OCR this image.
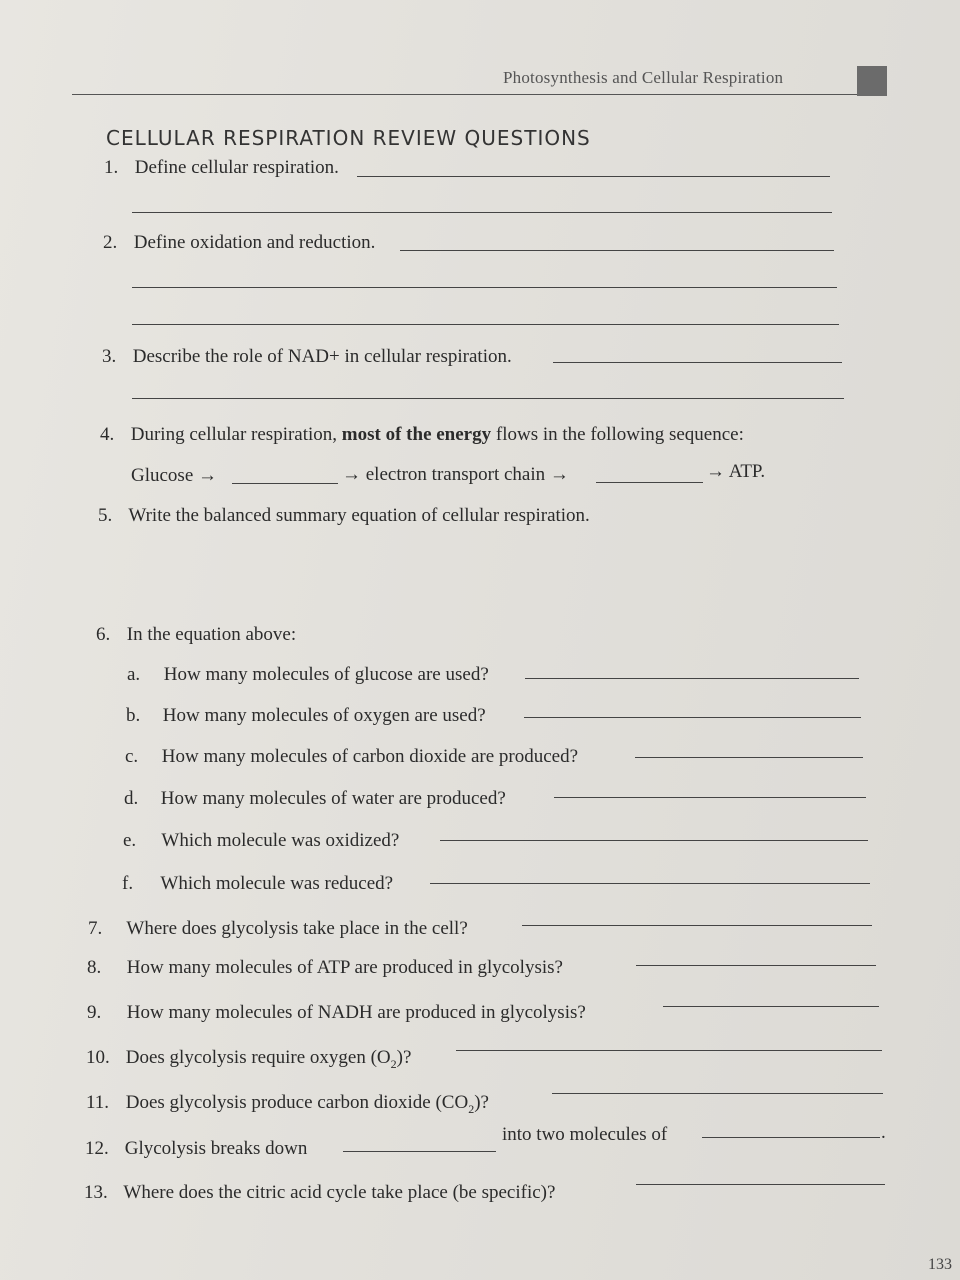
Photosynthesis and Cellular Respiration
CELLULAR RESPIRATION REVIEW QUESTIONS
1. Define cellular respiration.
2. Define oxidation and reduction.
3. Describe the role of NAD+ in cellular respiration.
4. During cellular respiration, most of the energy flows in the following sequence:
Glucose →	→ electron transport chain →	→ ATP.
5. Write the balanced summary equation of cellular respiration.
6. In the equation above:
a. How many molecules of glucose are used?
b. How many molecules of oxygen are used?
c. How many molecules of carbon dioxide are produced?
d. How many molecules of water are produced?
e. Which molecule was oxidized?
f. Which molecule was reduced?
7. Where does glycolysis take place in the cell?
8. How many molecules of ATP are produced in glycolysis?
9. How many molecules of NADH are produced in glycolysis?
10. Does glycolysis require oxygen $(O_2)$?
11. Does glycolysis produce carbon dioxide $(CO_2)$?
12. Glycolysis breaks down
into two molecules of	.
13. Where does the citric acid cycle take place (be specific)?
133
